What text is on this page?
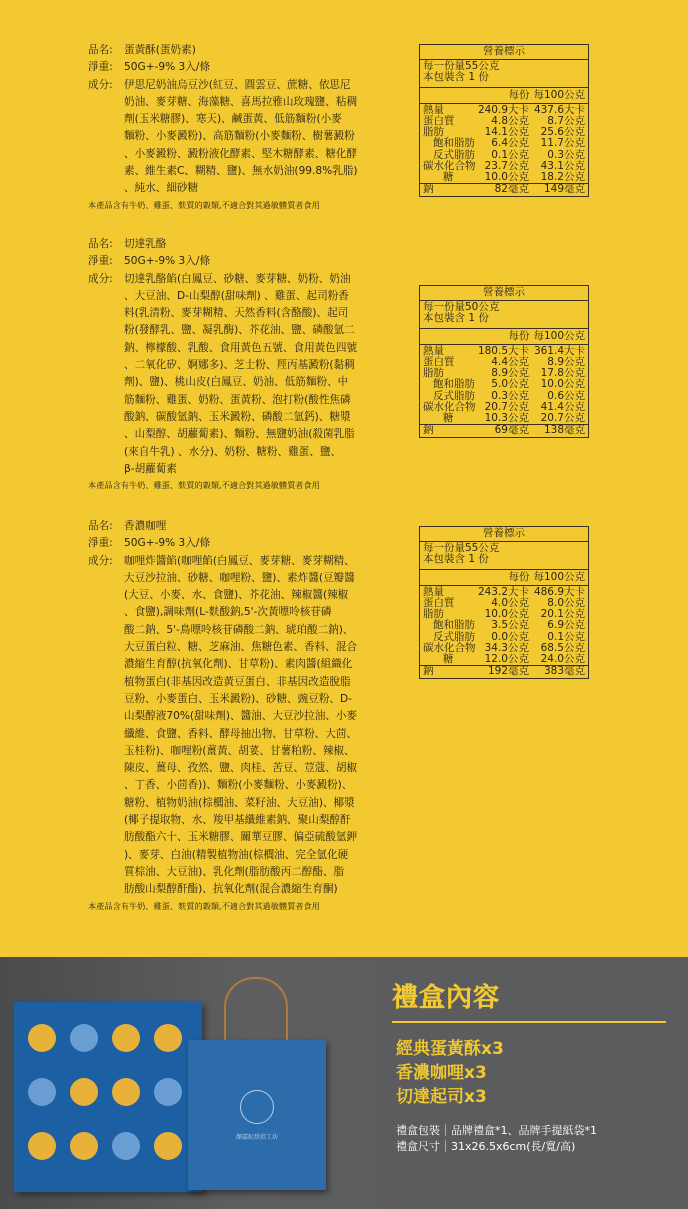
品名:	蛋黃酥(蛋奶素)
淨重:	50G+-9% 3入/條
成分:	伊思尼奶油烏豆沙(紅豆、圓雲豆、蔗糖、依思尼
奶油、麥芽糖、海藻糖、喜馬拉雅山玫瑰鹽、粘稠
劑(玉米糖膠)、寒天)、鹹蛋黃、低筋麵粉(小麥
麵粉、小麥澱粉)、高筋麵粉(小麥麵粉、樹薯澱粉
、小麥澱粉、澱粉液化酵素、堅木糖酵素、糖化酵
素、維生素C、糊精、鹽)、無水奶油(99.8%乳脂)
、純水、細砂糖
本產品含有牛奶、雞蛋、麩質的穀類,不適合對其過敏體質者食用
品名:	切達乳酪
淨重:	50G+-9% 3入/條
成分:	切達乳酪餡(白鳳豆、砂糖、麥芽糖、奶粉、奶油
、大豆油、D-山梨醇(甜味劑) 、雞蛋、起司粉香
料(乳清粉、麥芽糊精、天然香料(含酪酸)、起司
粉(發酵乳、鹽、凝乳酶)、芥花油、鹽、磷酸氫二
鈉、檸檬酸、乳酸、食用黃色五號、食用黃色四號
、二氧化矽、婀娜多)、芝士粉、羥丙基澱粉(黏稠
劑)、鹽)、桃山皮(白鳳豆、奶油、低筋麵粉、中
筋麵粉、雞蛋、奶粉、蛋黃粉、泡打粉(酸性焦磷
酸鈉、碳酸氫鈉、玉米澱粉、磷酸二氫鈣)、糖漿
、山梨醇、胡蘿蔔素)、麵粉、無鹽奶油(殺菌乳脂
(來自牛乳) 、水分)、奶粉、糖粉、雞蛋、鹽、
β-胡蘿蔔素
本產品含有牛奶、雞蛋、麩質的穀類,不適合對其過敏體質者食用
品名:	香濃咖哩
淨重:	50G+-9% 3入/條
成分:	咖哩炸醬餡(咖哩餡(白鳳豆、麥芽糖、麥芽糊精、
大豆沙拉油、砂糖、咖哩粉、鹽)、素炸醬(豆瓣醬
(大豆、小麥、水、食鹽)、芥花油、辣椒醬(辣椒
、食鹽),調味劑(L-麩酸鈉,5'-次黃嘌呤核苷磷
酸二鈉、5'-鳥嘌呤核苷磷酸二鈉、琥珀酸二鈉)、
大豆蛋白粒、糖、芝麻油、焦糖色素、香料、混合
濃縮生育醇(抗氧化劑)、甘草粉)、素肉醬(組織化
植物蛋白(非基因改造黃豆蛋白、非基因改造脫脂
豆粉、小麥蛋白、玉米澱粉)、砂糖、豌豆粉、D-
山梨醇液70%(甜味劑)、醬油、大豆沙拉油、小麥
纖維、食鹽、香料、酵母抽出物、甘草粉、大茴、
玉桂粉)、咖哩粉(薑黃、胡荽、甘薯粕粉、辣椒、
陳皮、薑母、孜然、鹽、肉桂、苦豆、荳蔻、胡椒
、丁香、小茴香))、麵粉(小麥麵粉、小麥澱粉)、
糖粉、植物奶油(棕櫚油、菜籽油、大豆油)、椰漿
(椰子提取物、水、羧甲基纖維素鈉、聚山梨醇酐
肪酸酯六十、玉米糖膠、關華豆膠、偏亞硫酸氫鉀
)、麥芽、白油(精製植物油(棕櫚油、完全氫化硬
質棕油、大豆油)、乳化劑(脂肪酸丙二醇酯、脂
肪酸山梨醇酐酯)、抗氧化劑(混合濃縮生育酮)
本產品含有牛奶、雞蛋、麩質的穀類,不適合對其過敏體質者食用
營養標示
每一份量55公克
本包裝含 1 份
每份 每100公克
熱量	240.9大卡 437.6大卡
蛋白質	4.8公克	8.7公克
脂肪	14.1公克	25.6公克
飽和脂肪	6.4公克	11.7公克
反式脂肪	0.1公克	0.3公克
碳水化合物 23.7公克	43.1公克
糖	10.0公克	18.2公克
鈉	82毫克	149毫克
營養標示
每一份量50公克
本包裝含 1 份
每份 每100公克
熱量	180.5大卡 361.4大卡
蛋白質	4.4公克	8.9公克
脂肪	8.9公克	17.8公克
飽和脂肪	5.0公克	10.0公克
反式脂肪	0.3公克	0.6公克
碳水化合物 20.7公克	41.4公克
糖	10.3公克	20.7公克
鈉	69毫克	138毫克
營養標示
每一份量55公克
本包裝含 1 份
每份 每100公克
熱量	243.2大卡 486.9大卡
蛋白質	4.0公克	8.0公克
脂肪	10.0公克	20.1公克
飽和脂肪	3.5公克	6.9公克
反式脂肪	0.0公克	0.1公克
碳水化合物 34.3公克	68.5公克
糖	12.0公克	24.0公克
鈉	192毫克	383毫克
顏嘉虹烘焙工坊
禮盒內容
經典蛋黃酥x3
香濃咖哩x3
切達起司x3
禮盒包裝｜品牌禮盒*1、品牌手提紙袋*1
禮盒尺寸｜31x26.5x6cm(長/寬/高)
